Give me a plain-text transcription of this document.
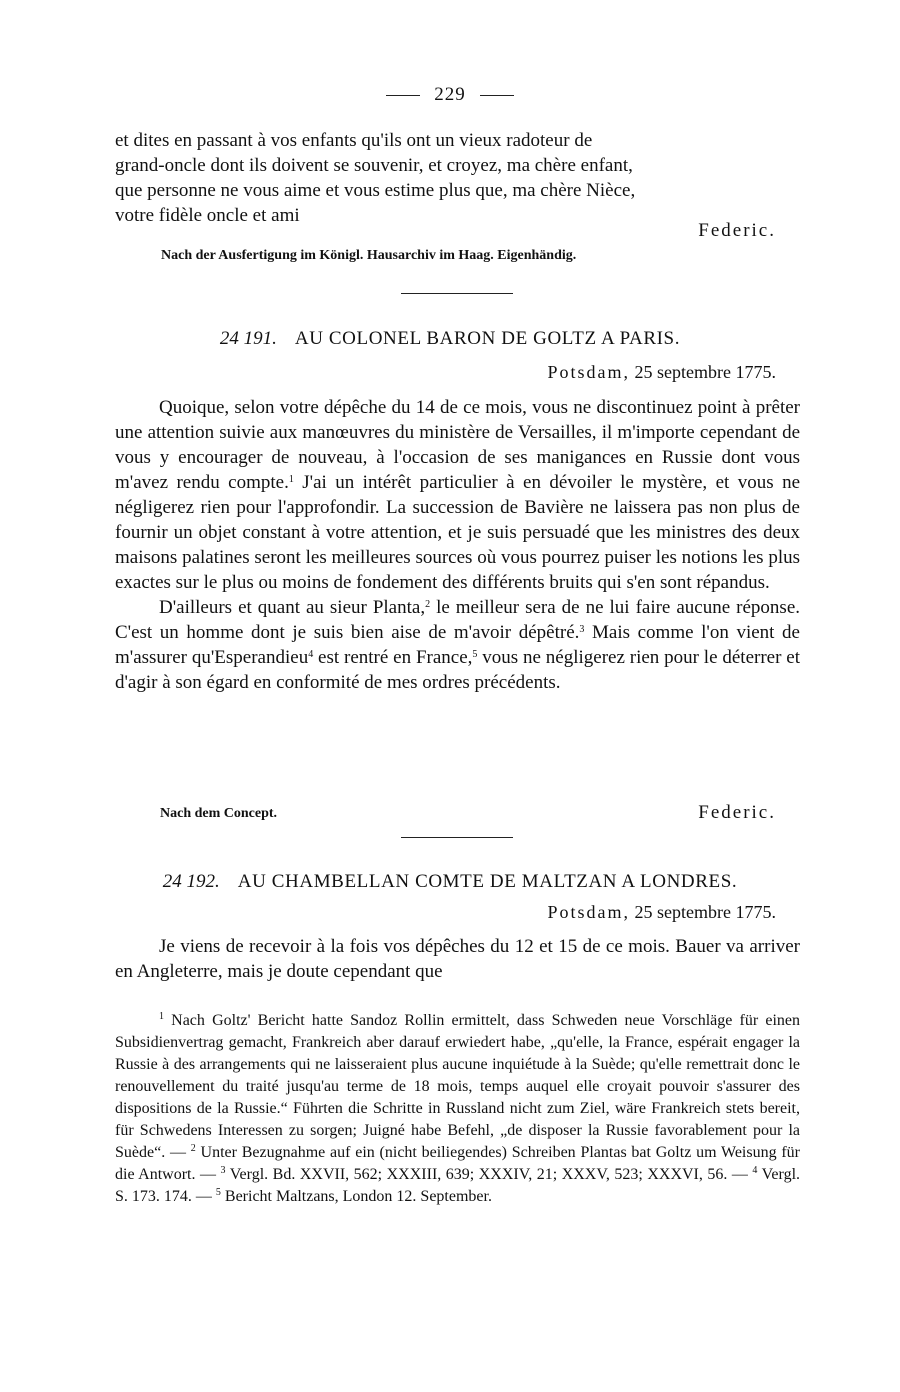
229

et dites en passant à vos enfants qu'ils ont un vieux radoteur de

grand-oncle dont ils doivent se souvenir, et croyez, ma chère enfant,

que personne ne vous aime et vous estime plus que, ma chère Nièce,

votre fidèle oncle et ami

Federic.
Nach der Ausfertigung im Königl. Hausarchiv im Haag. Eigenhändig.
24 191. AU COLONEL BARON DE GOLTZ A PARIS.
Potsdam, 25 septembre 1775.

Quoique, selon votre dépêche du 14 de ce mois, vous ne discontinuez point à prêter une attention suivie aux manœuvres du ministère de Versailles, il m'importe cependant de vous y encourager de nouveau, à l'occasion de ses manigances en Russie dont vous m'avez rendu compte.$^1$ J'ai un intérêt particulier à en dévoiler le mystère, et vous ne négligerez rien pour l'approfondir. La succession de Bavière ne laissera pas non plus de fournir un objet constant à votre attention, et je suis persuadé que les ministres des deux maisons palatines seront les meilleures sources où vous pourrez puiser les notions les plus exactes sur le plus ou moins de fondement des différents bruits qui s'en sont répandus.

D'ailleurs et quant au sieur Planta,$^2$ le meilleur sera de ne lui faire aucune réponse. C'est un homme dont je suis bien aise de m'avoir dépêtré.$^3$ Mais comme l'on vient de m'assurer qu'Esperandieu$^4$ est rentré en France,$^5$ vous ne négligerez rien pour le déterrer et d'agir à son égard en conformité de mes ordres précédents.

Nach dem Concept.	Federic.
24 192. AU CHAMBELLAN COMTE DE MALTZAN A LONDRES.
Potsdam, 25 septembre 1775.

Je viens de recevoir à la fois vos dépêches du 12 et 15 de ce mois. Bauer va arriver en Angleterre, mais je doute cependant que

$^1$ Nach Goltz' Bericht hatte Sandoz Rollin ermittelt, dass Schweden neue Vorschläge für einen Subsidienvertrag gemacht, Frankreich aber darauf erwiedert habe, „qu'elle, la France, espérait engager la Russie à des arrangements qui ne laisseraient plus aucune inquiétude à la Suède; qu'elle remettrait donc le renouvellement du traité jusqu'au terme de 18 mois, temps auquel elle croyait pouvoir s'assurer des dispositions de la Russie.“ Führten die Schritte in Russland nicht zum Ziel, wäre Frankreich stets bereit, für Schwedens Interessen zu sorgen; Juigné habe Befehl, „de disposer la Russie favorablement pour la Suède“. — $^2$ Unter Bezugnahme auf ein (nicht beiliegendes) Schreiben Plantas bat Goltz um Weisung für die Antwort. — $^3$ Vergl. Bd. XXVII, 562; XXXIII, 639; XXXIV, 21; XXXV, 523; XXXVI, 56. — $^4$ Vergl. S. 173. 174. — $^5$ Bericht Maltzans, London 12. September.
